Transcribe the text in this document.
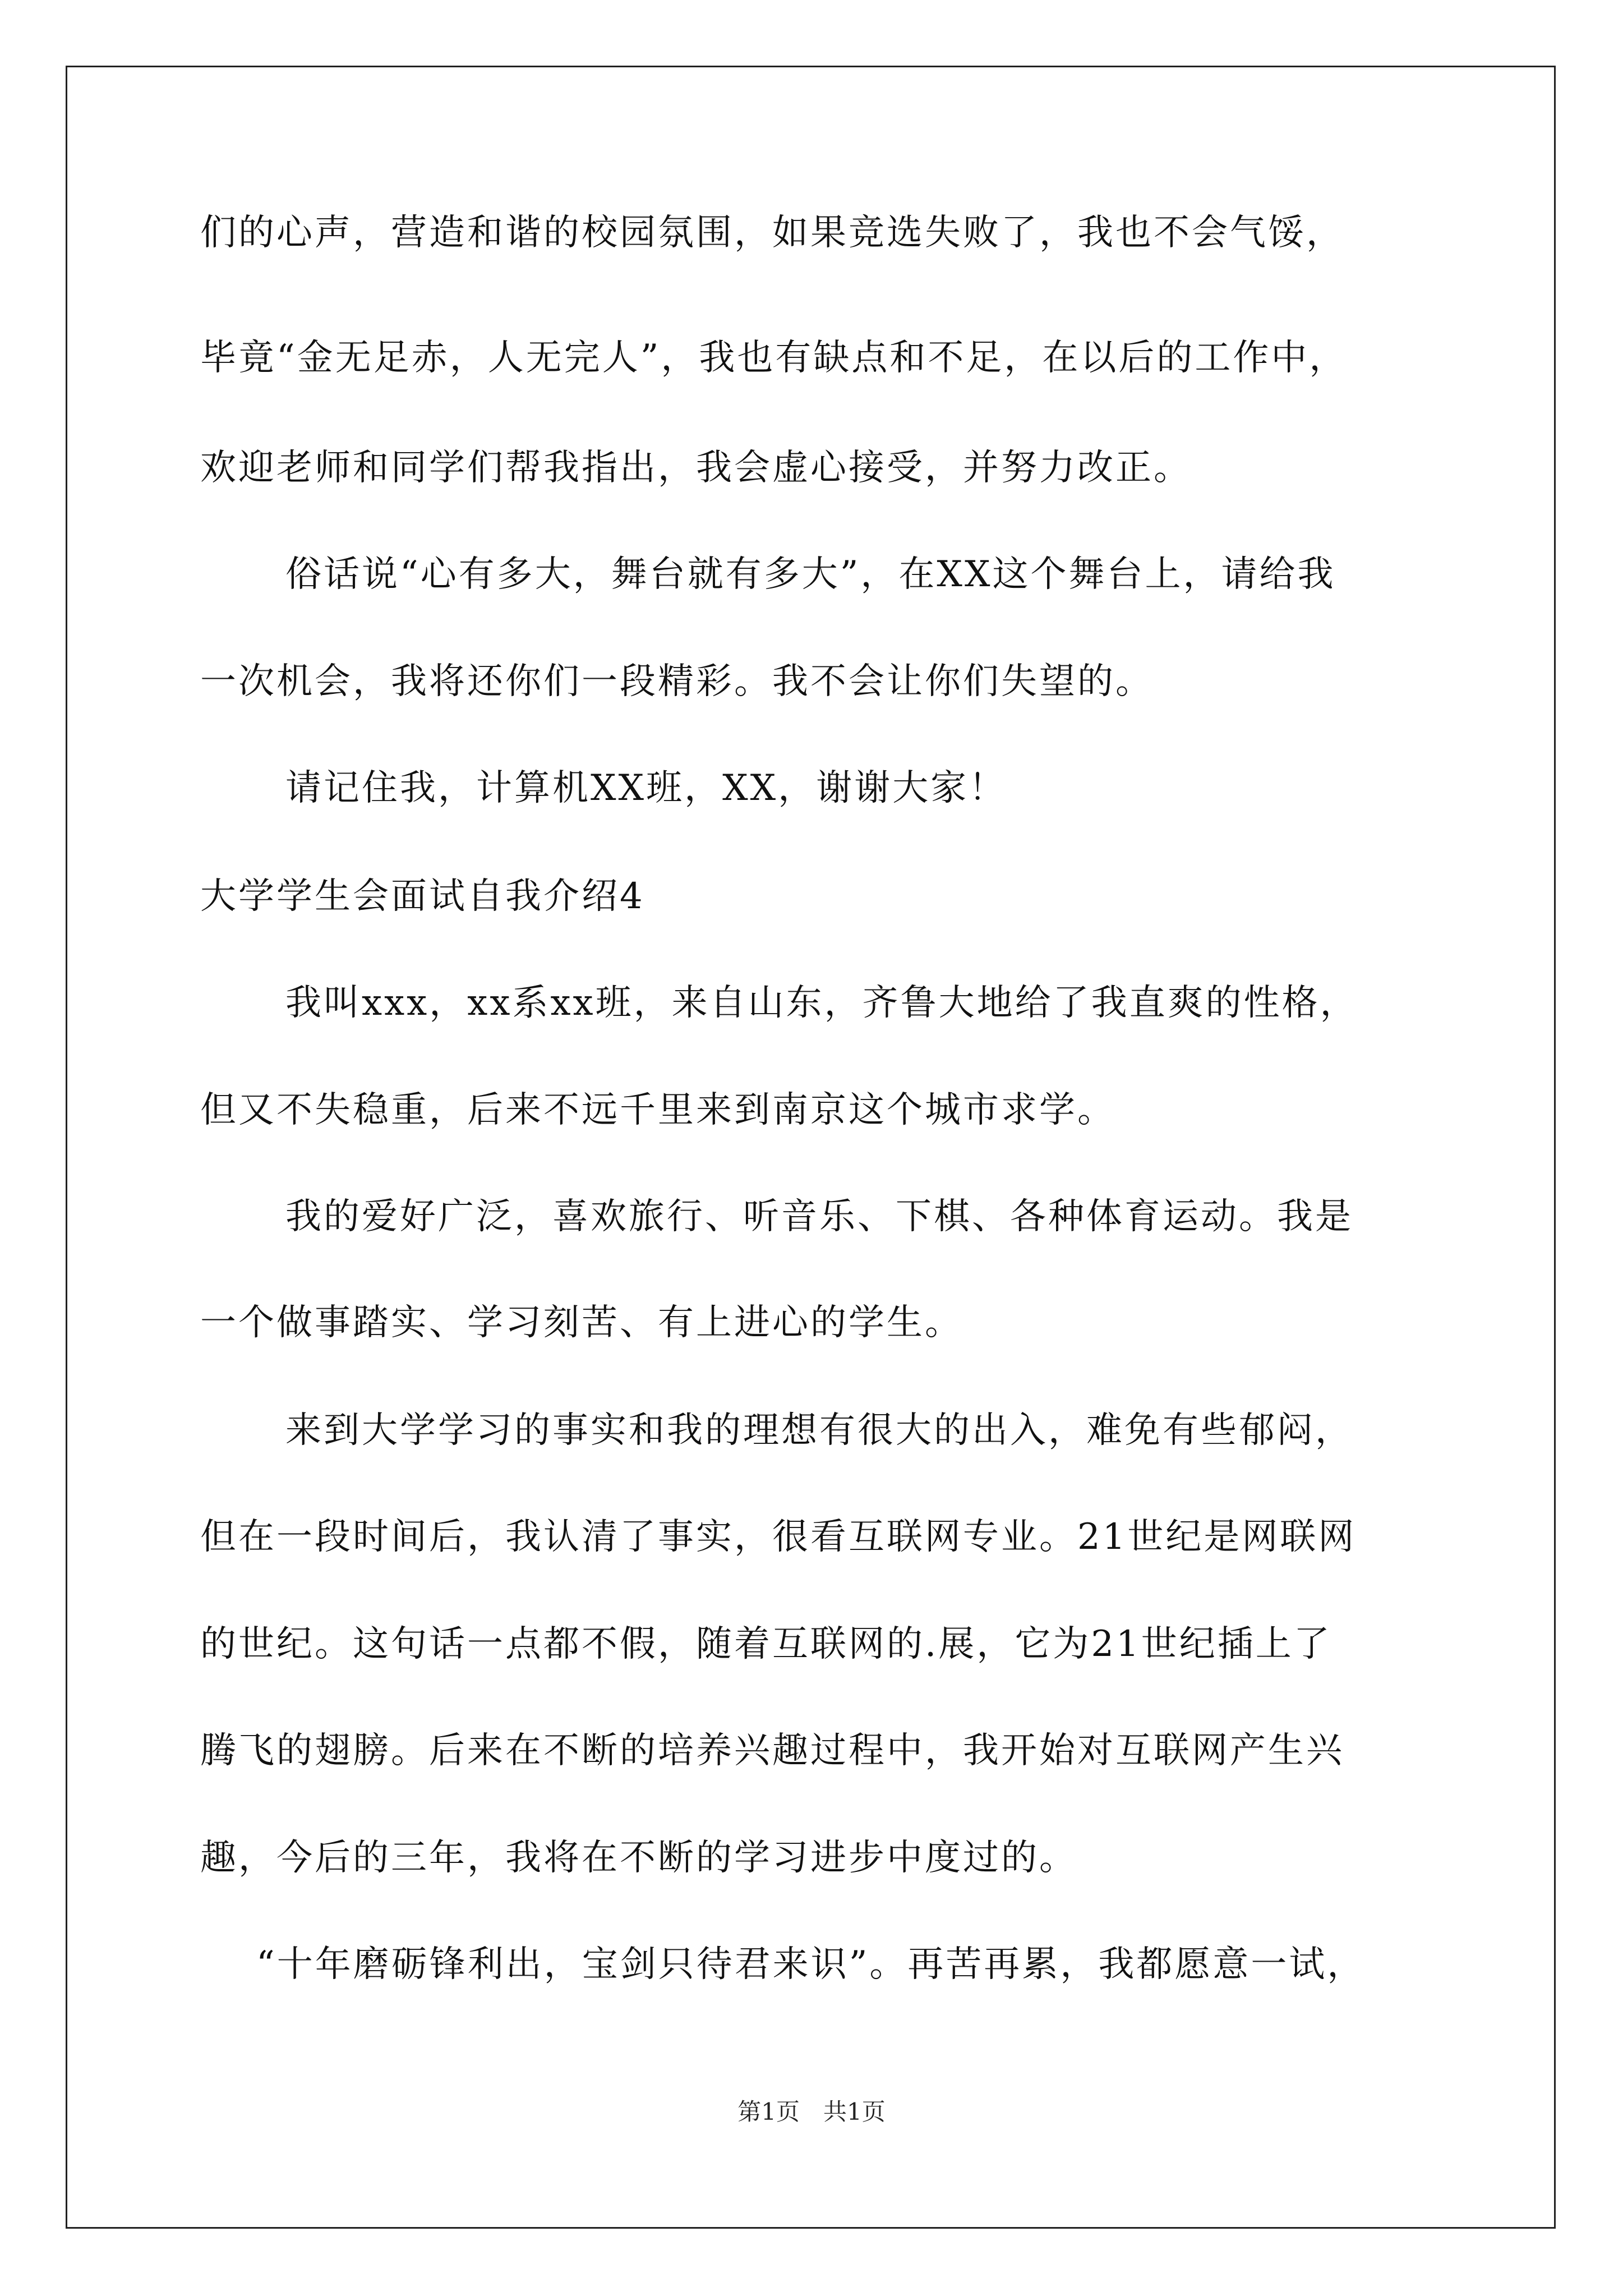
们的心声，营造和谐的校园氛围，如果竞选失败了，我也不会气馁，
毕竟“金无足赤，人无完人”，我也有缺点和不足，在以后的工作中，
欢迎老师和同学们帮我指出，我会虚心接受，并努力改正。
俗话说“心有多大，舞台就有多大”，在XX这个舞台上，请给我
一次机会，我将还你们一段精彩。我不会让你们失望的。
请记住我，计算机XX班，XX，谢谢大家！
大学学生会面试自我介绍4
我叫xxx，xx系xx班，来自山东，齐鲁大地给了我直爽的性格，
但又不失稳重，后来不远千里来到南京这个城市求学。
我的爱好广泛，喜欢旅行、听音乐、下棋、各种体育运动。我是
一个做事踏实、学习刻苦、有上进心的学生。
来到大学学习的事实和我的理想有很大的出入，难免有些郁闷，
但在一段时间后，我认清了事实，很看互联网专业。21世纪是网联网
的世纪。这句话一点都不假，随着互联网的.展，它为21世纪插上了
腾飞的翅膀。后来在不断的培养兴趣过程中，我开始对互联网产生兴
趣，今后的三年，我将在不断的学习进步中度过的。
“十年磨砺锋利出，宝剑只待君来识”。再苦再累，我都愿意一试，
第1页　共1页
